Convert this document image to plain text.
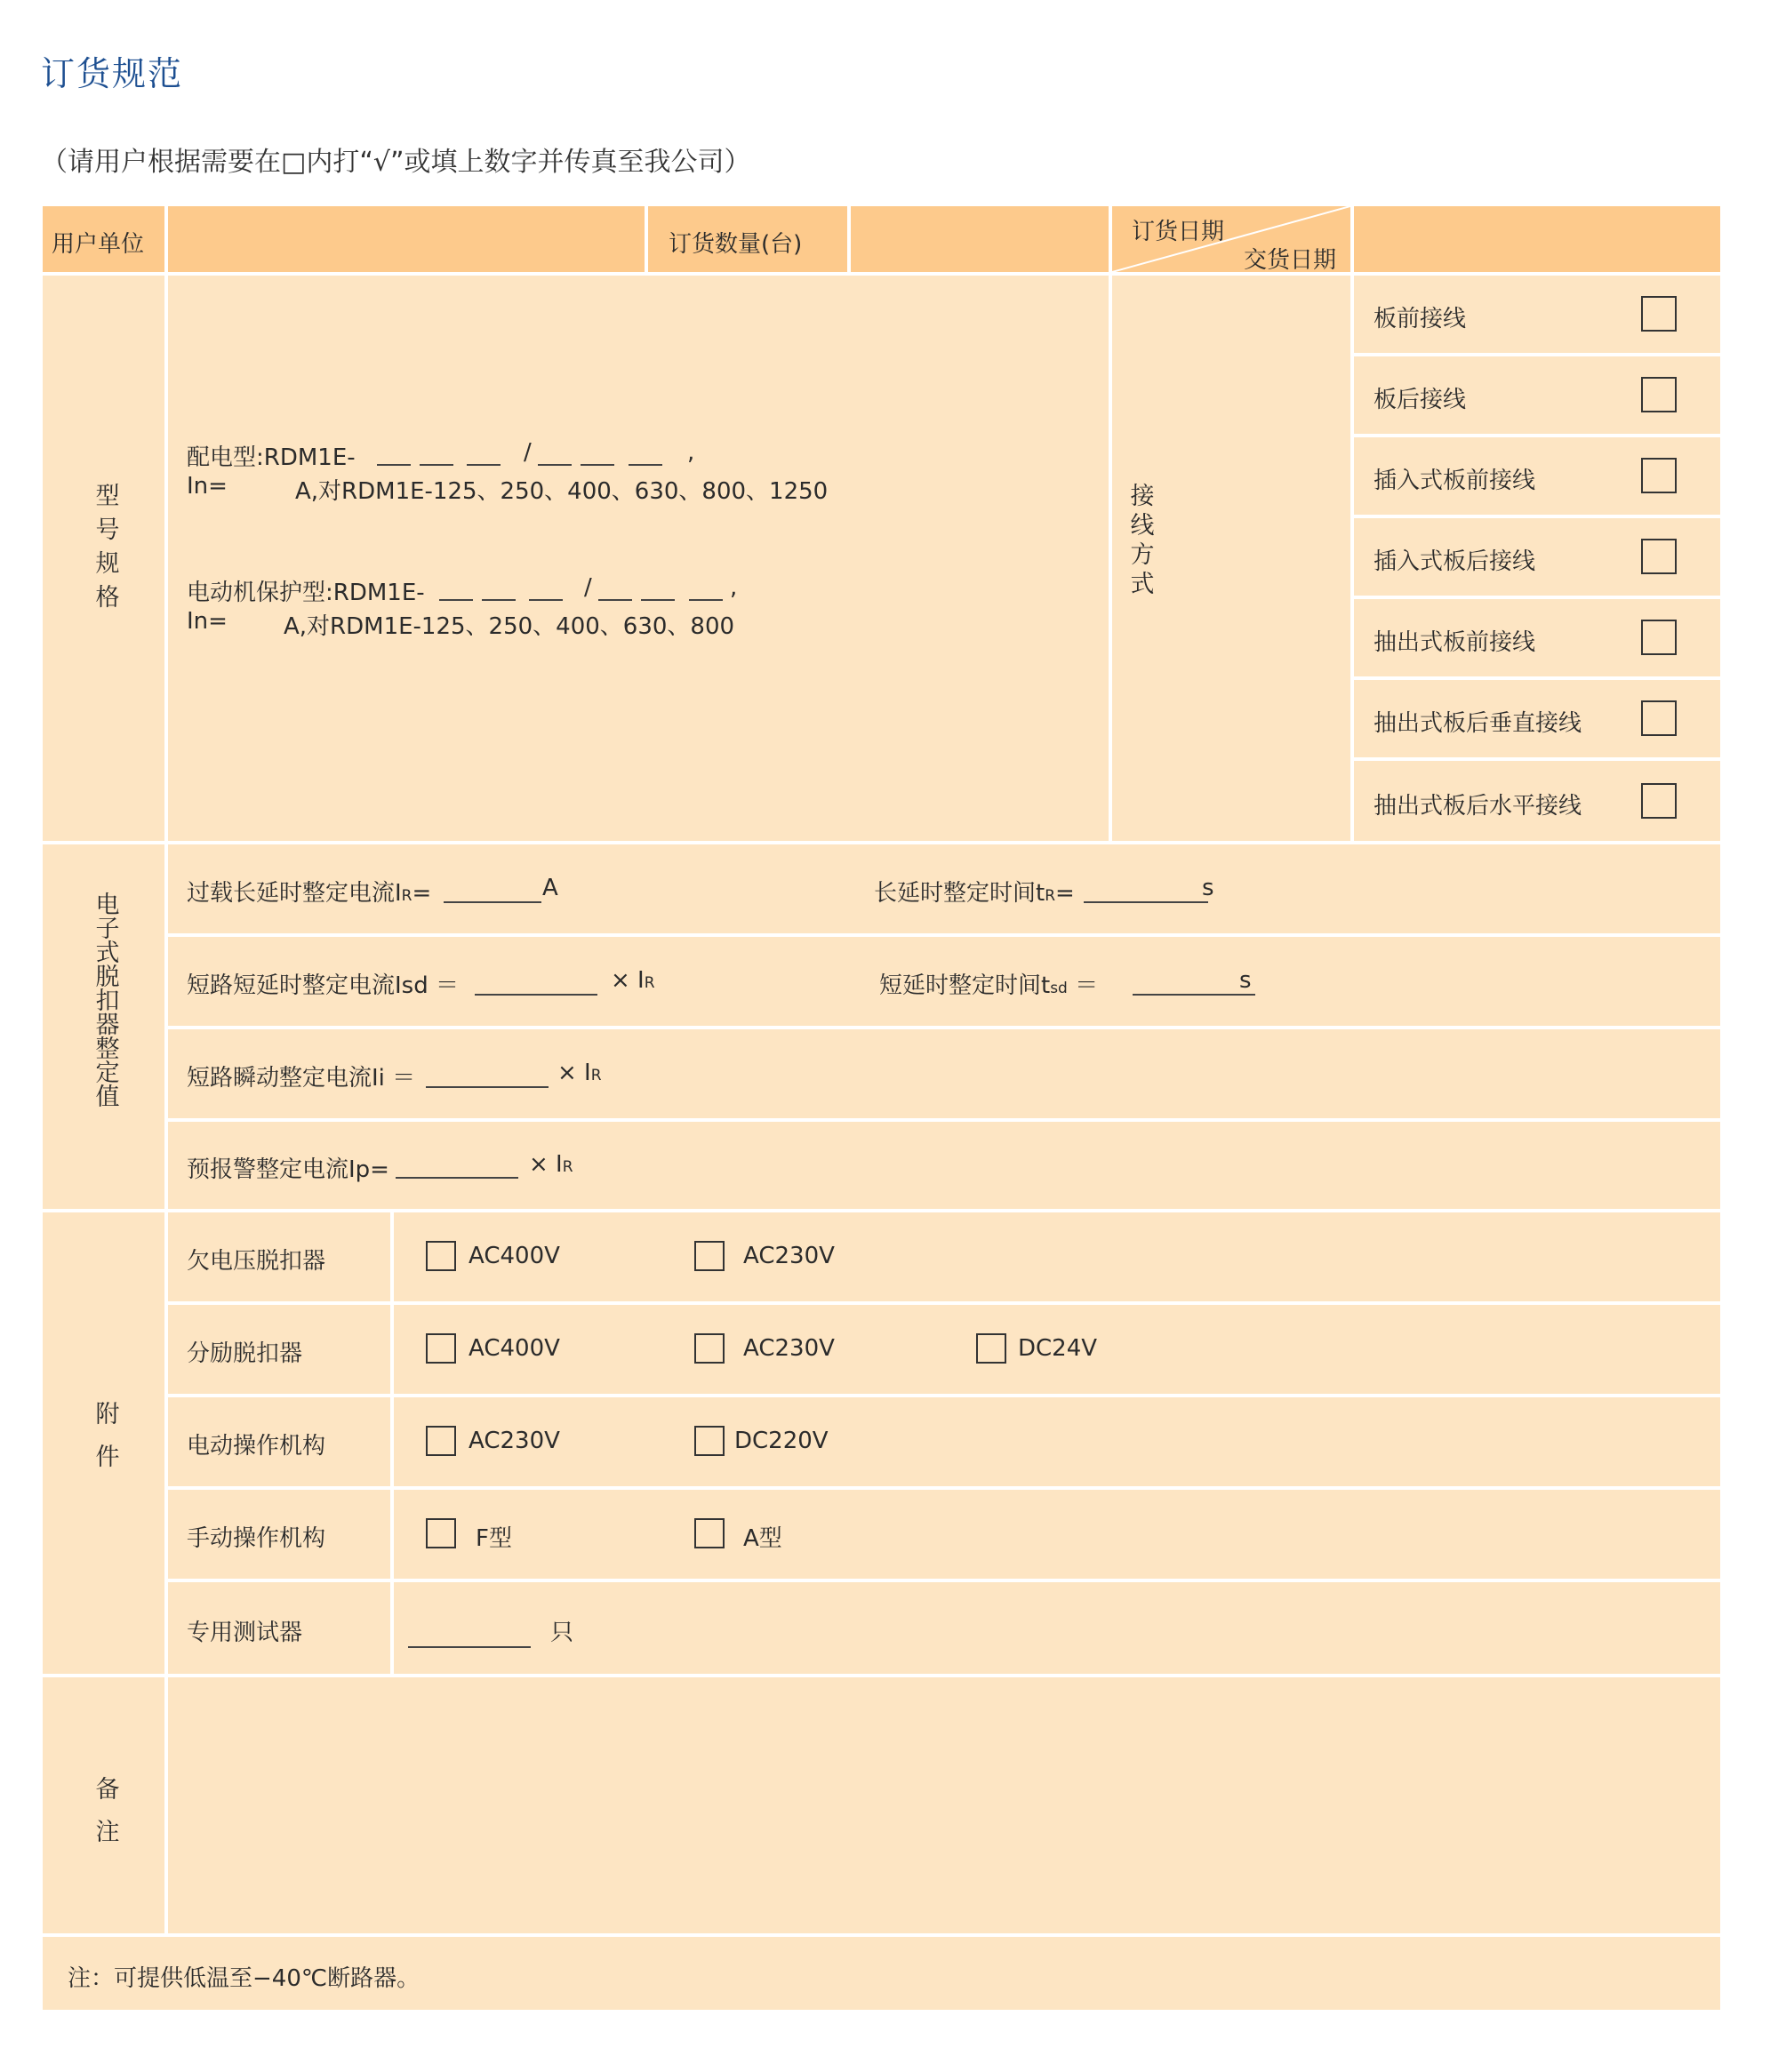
订货规范
（请用户根据需要在□内打“√”或填上数字并传真至我公司）
用户单位	订货数量(台)	订货日期
交货日期
型号规格
配电型:RDM1E-	/	,
In=	A,对RDM1E-125、250、400、630、800、1250
电动机保护型:RDM1E-	/	,
In= A,对RDM1E-125、250、400、630、800
接线方式
板前接线
板后接线
插入式板前接线
插入式板后接线
抽出式板前接线
抽出式板后垂直接线
抽出式板后水平接线
电子式脱扣器整定值
过载长延时整定电流IR=	A	长延时整定时间tR=	s
短路短延时整定电流Isd ＝	× IR	短延时整定时间tsd ＝	s
短路瞬动整定电流Ii ＝	× IR
预报警整定电流Ip=	× IR
附件
欠电压脱扣器	AC400V	AC230V
分励脱扣器	AC400V	AC230V	DC24V
电动操作机构	AC230V	DC220V
手动操作机构	F型	A型
专用测试器	只
备注
注：可提供低温至−40℃断路器。
